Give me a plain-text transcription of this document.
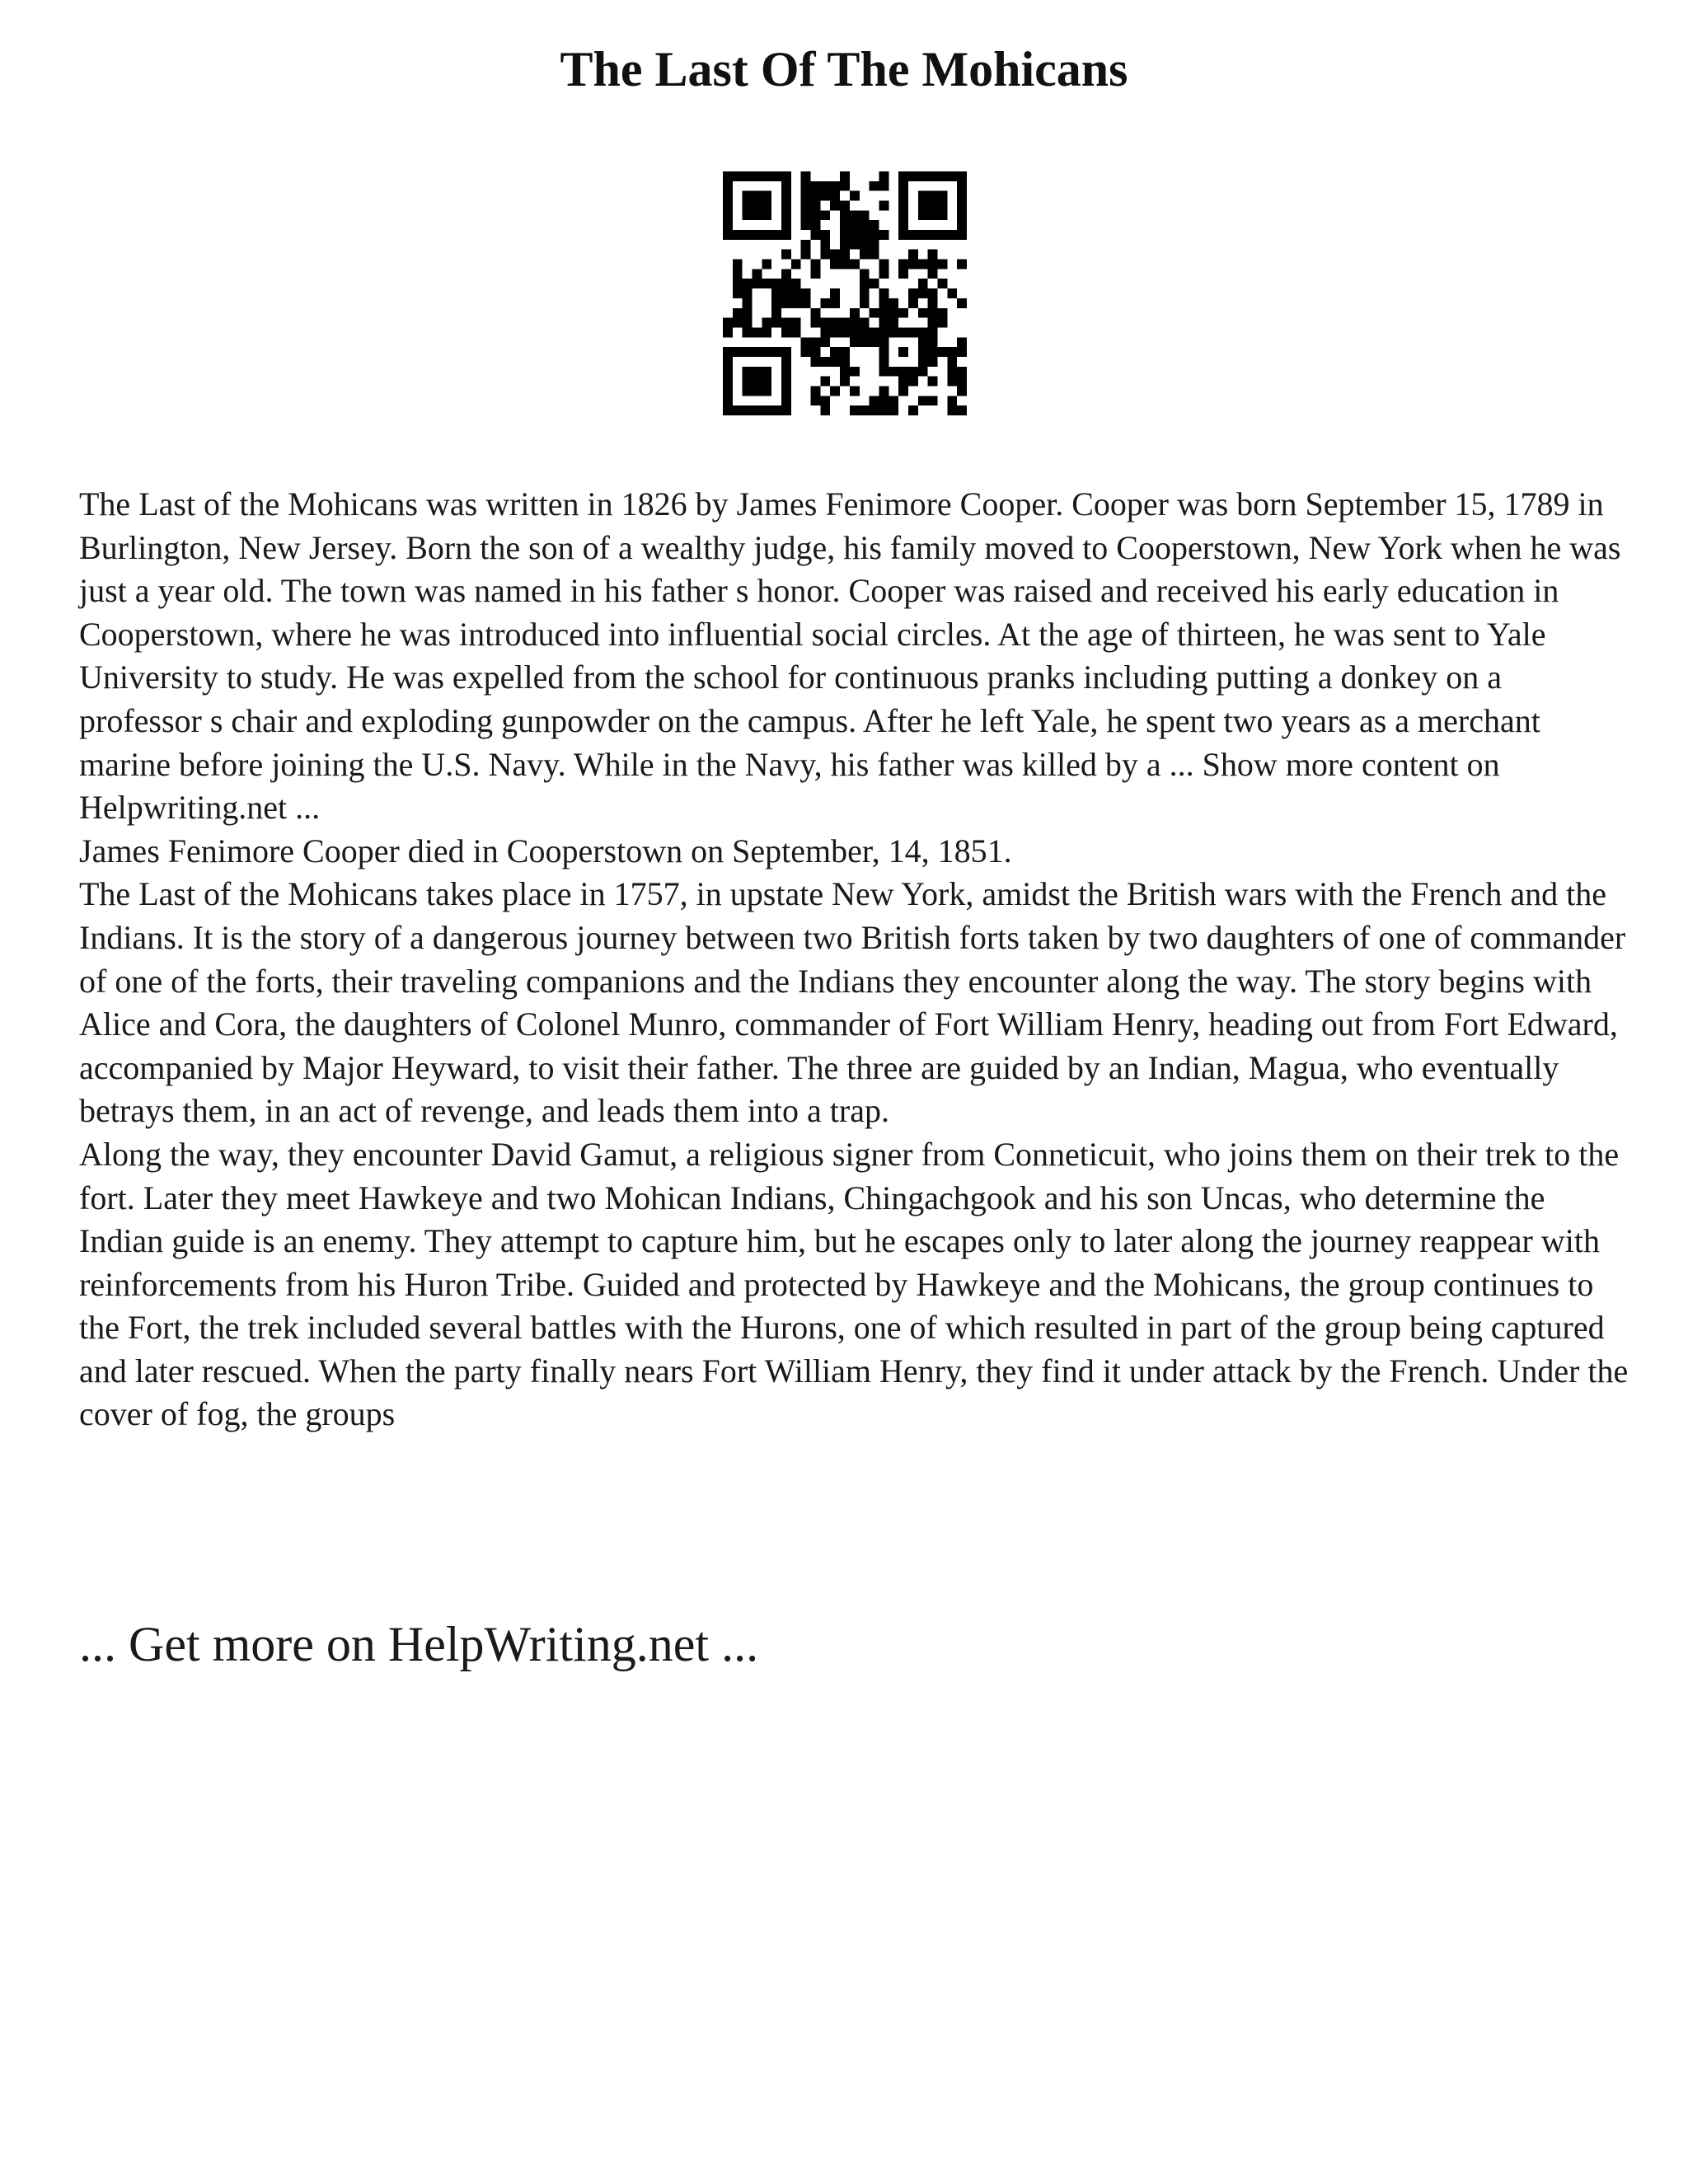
The Last Of The Mohicans

The Last of the Mohicans was written in 1826 by James Fenimore Cooper. Cooper was born September 15, 1789 in Burlington, New Jersey. Born the son of a wealthy judge, his family moved to Cooperstown, New York when he was just a year old. The town was named in his father s honor. Cooper was raised and received his early education in Cooperstown, where he was introduced into influential social circles. At the age of thirteen, he was sent to Yale University to study. He was expelled from the school for continuous pranks including putting a donkey on a professor s chair and exploding gunpowder on the campus. After he left Yale, he spent two years as a merchant marine before joining the U.S. Navy. While in the Navy, his father was killed by a ... Show more content on Helpwriting.net ...

James Fenimore Cooper died in Cooperstown on September, 14, 1851.

The Last of the Mohicans takes place in 1757, in upstate New York, amidst the British wars with the French and the Indians. It is the story of a dangerous journey between two British forts taken by two daughters of one of commander of one of the forts, their traveling companions and the Indians they encounter along the way. The story begins with Alice and Cora, the daughters of Colonel Munro, commander of Fort William Henry, heading out from Fort Edward, accompanied by Major Heyward, to visit their father. The three are guided by an Indian, Magua, who eventually betrays them, in an act of revenge, and leads them into a trap.

Along the way, they encounter David Gamut, a religious signer from Conneticuit, who joins them on their trek to the fort. Later they meet Hawkeye and two Mohican Indians, Chingachgook and his son Uncas, who determine the Indian guide is an enemy. They attempt to capture him, but he escapes only to later along the journey reappear with reinforcements from his Huron Tribe. Guided and protected by Hawkeye and the Mohicans, the group continues to the Fort, the trek included several battles with the Hurons, one of which resulted in part of the group being captured and later rescued. When the party finally nears Fort William Henry, they find it under attack by the French. Under the cover of fog, the groups

... Get more on HelpWriting.net ...
